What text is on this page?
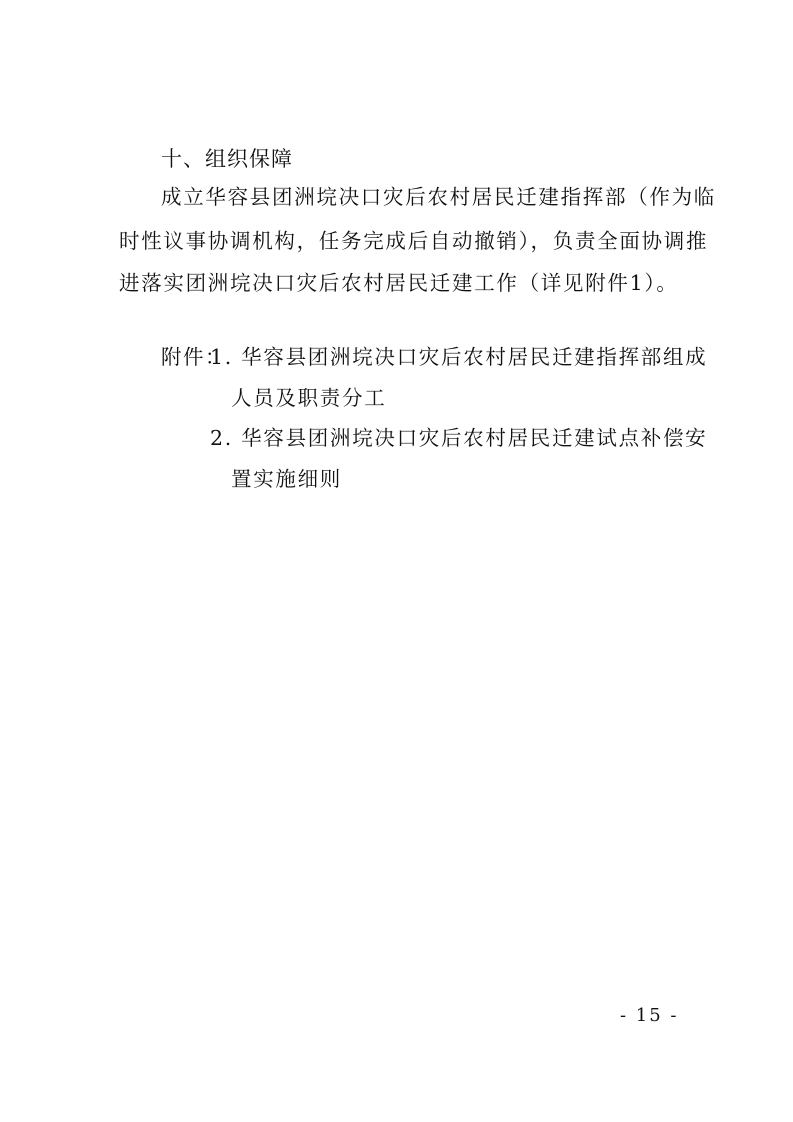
十、组织保障
成立华容县团洲垸决口灾后农村居民迁建指挥部（作为临
时性议事协调机构，任务完成后自动撤销），负责全面协调推
进落实团洲垸决口灾后农村居民迁建工作（详见附件1）。
附件：
1. 华容县团洲垸决口灾后农村居民迁建指挥部组成
人员及职责分工
2. 华容县团洲垸决口灾后农村居民迁建试点补偿安
置实施细则
- 15 -
